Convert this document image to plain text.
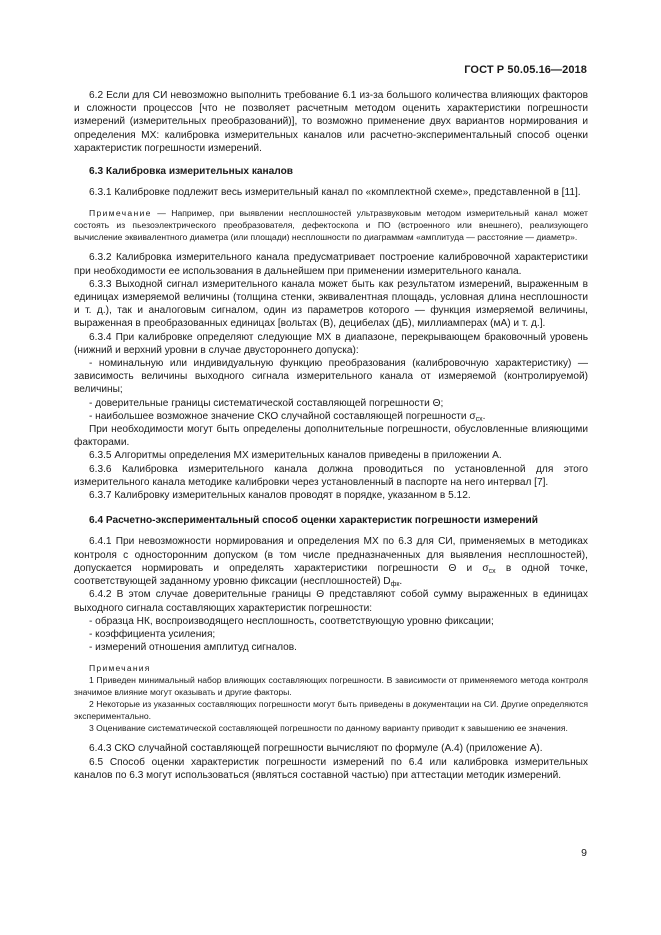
ГОСТ Р 50.05.16—2018

6.2 Если для СИ невозможно выполнить требование 6.1 из-за большого количества влияющих факторов и сложности процессов [что не позволяет расчетным методом оценить характеристики погрешности измерений (измерительных преобразований)], то возможно применение двух вариантов нормирования и определения МХ: калибровка измерительных каналов или расчетно-экспериментальный способ оценки характеристик погрешности измерений.

6.3 Калибровка измерительных каналов

6.3.1 Калибровке подлежит весь измерительный канал по «комплектной схеме», представленной в [11].

Примечание — Например, при выявлении несплошностей ультразвуковым методом измерительный канал может состоять из пьезоэлектрического преобразователя, дефектоскопа и ПО (встроенного или внешнего), реализующего вычисление эквивалентного диаметра (или площади) несплошности по диаграммам «амплитуда — расстояние — диаметр».

6.3.2 Калибровка измерительного канала предусматривает построение калибровочной характеристики при необходимости ее использования в дальнейшем при применении измерительного канала.

6.3.3 Выходной сигнал измерительного канала может быть как результатом измерений, выраженным в единицах измеряемой величины (толщина стенки, эквивалентная площадь, условная длина несплошности и т. д.), так и аналоговым сигналом, один из параметров которого — функция измеряемой величины, выраженная в преобразованных единицах [вольтах (В), децибелах (дБ), миллиамперах (мА) и т. д.].

6.3.4 При калибровке определяют следующие МХ в диапазоне, перекрывающем браковочный уровень (нижний и верхний уровни в случае двустороннего допуска):

- номинальную или индивидуальную функцию преобразования (калибровочную характеристику) — зависимость величины выходного сигнала измерительного канала от измеряемой (контролируемой) величины;

- доверительные границы систематической составляющей погрешности Θ;

- наибольшее возможное значение СКО случайной составляющей погрешности $\sigma_{сх}$.

При необходимости могут быть определены дополнительные погрешности, обусловленные влияющими факторами.

6.3.5 Алгоритмы определения МХ измерительных каналов приведены в приложении А.

6.3.6 Калибровка измерительного канала должна проводиться по установленной для этого измерительного канала методике калибровки через установленный в паспорте на него интервал [7].

6.3.7 Калибровку измерительных каналов проводят в порядке, указанном в 5.12.

6.4 Расчетно-экспериментальный способ оценки характеристик погрешности измерений

6.4.1 При невозможности нормирования и определения МХ по 6.3 для СИ, применяемых в методиках контроля с односторонним допуском (в том числе предназначенных для выявления несплошностей), допускается нормировать и определять характеристики погрешности Θ и $\sigma_{сх}$ в одной точке, соответствующей заданному уровню фиксации (несплошностей) $D_{фк}$.

6.4.2 В этом случае доверительные границы Θ представляют собой сумму выраженных в единицах выходного сигнала составляющих характеристик погрешности:

- образца НК, воспроизводящего несплошность, соответствующую уровню фиксации;

- коэффициента усиления;

- измерений отношения амплитуд сигналов.

Примечания

1 Приведен минимальный набор влияющих составляющих погрешности. В зависимости от применяемого метода контроля значимое влияние могут оказывать и другие факторы.

2 Некоторые из указанных составляющих погрешности могут быть приведены в документации на СИ. Другие определяются экспериментально.

3 Оценивание систематической составляющей погрешности по данному варианту приводит к завышению ее значения.

6.4.3 СКО случайной составляющей погрешности вычисляют по формуле (А.4) (приложение А).

6.5 Способ оценки характеристик погрешности измерений по 6.4 или калибровка измерительных каналов по 6.3 могут использоваться (являться составной частью) при аттестации методик измерений.

9
